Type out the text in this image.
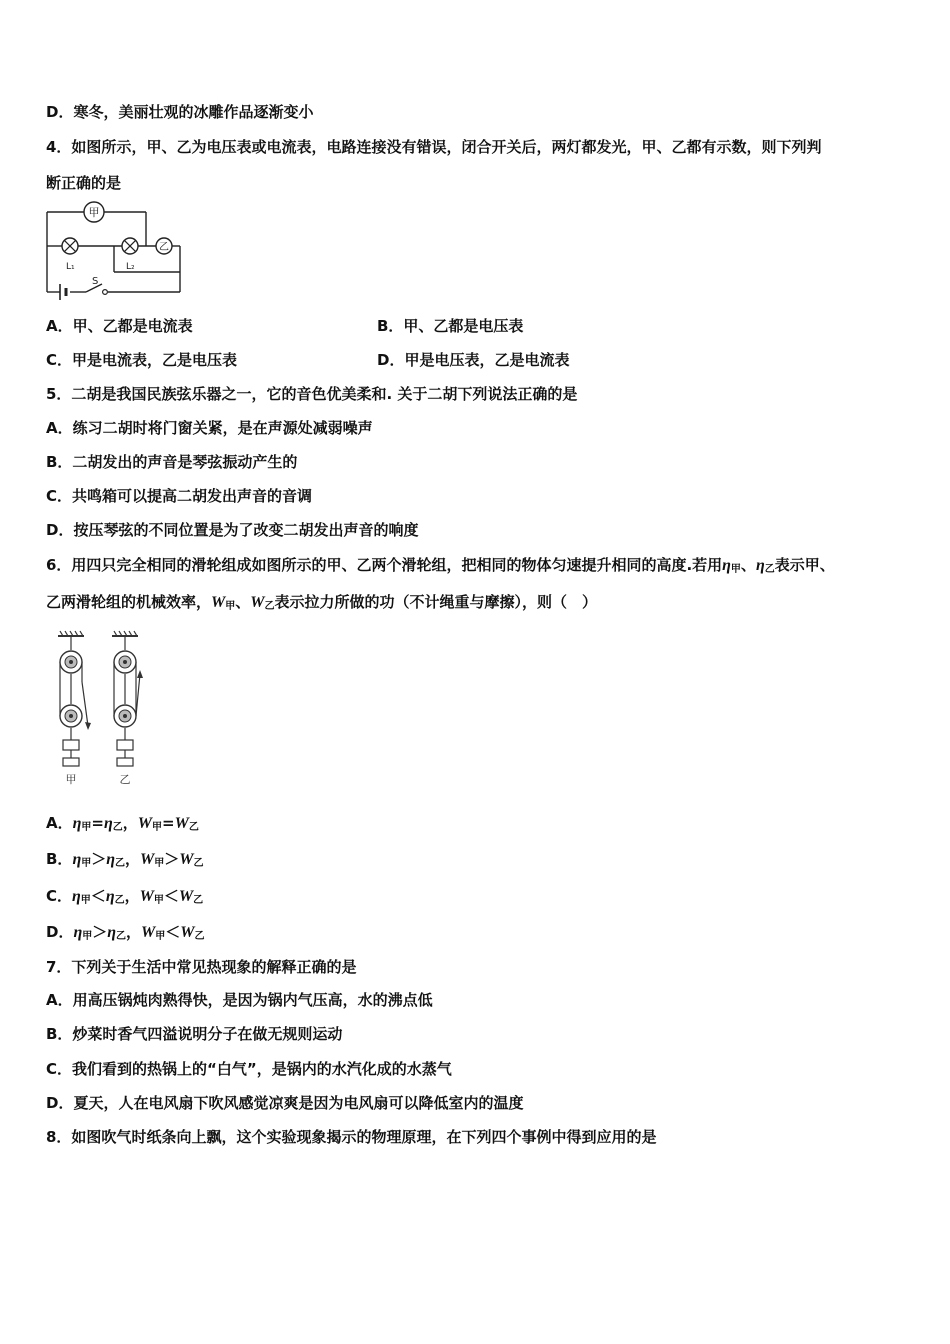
D．寒冬，美丽壮观的冰雕作品逐渐变小
4．如图所示，甲、乙为电压表或电流表，电路连接没有错误，闭合开关后，两灯都发光，甲、乙都有示数，则下列判
断正确的是
甲
乙
L₁	L₂
S
A．甲、乙都是电流表	B．甲、乙都是电压表
C．甲是电流表，乙是电压表	D．甲是电压表，乙是电流表
5．二胡是我国民族弦乐器之一，它的音色优美柔和. 关于二胡下列说法正确的是
A．练习二胡时将门窗关紧，是在声源处减弱噪声
B．二胡发出的声音是琴弦振动产生的
C．共鸣箱可以提高二胡发出声音的音调
D．按压琴弦的不同位置是为了改变二胡发出声音的响度
6．用四只完全相同的滑轮组成如图所示的甲、乙两个滑轮组，把相同的物体匀速提升相同的高度.若用$\eta_甲$、$\eta_乙$表示甲、
乙两滑轮组的机械效率，$W_甲$、$W_乙$表示拉力所做的功（不计绳重与摩擦），则（　）
甲	乙
A．$\eta_甲=\eta_乙$，$W_甲=W_乙$
B．$\eta_甲>\eta_乙$，$W_甲>W_乙$
C．$\eta_甲<\eta_乙$，$W_甲<W_乙$
D．$\eta_甲>\eta_乙$，$W_甲<W_乙$
7．下列关于生活中常见热现象的解释正确的是
A．用高压锅炖肉熟得快，是因为锅内气压高，水的沸点低
B．炒菜时香气四溢说明分子在做无规则运动
C．我们看到的热锅上的“白气”，是锅内的水汽化成的水蒸气
D．夏天，人在电风扇下吹风感觉凉爽是因为电风扇可以降低室内的温度
8．如图吹气时纸条向上飘，这个实验现象揭示的物理原理，在下列四个事例中得到应用的是
